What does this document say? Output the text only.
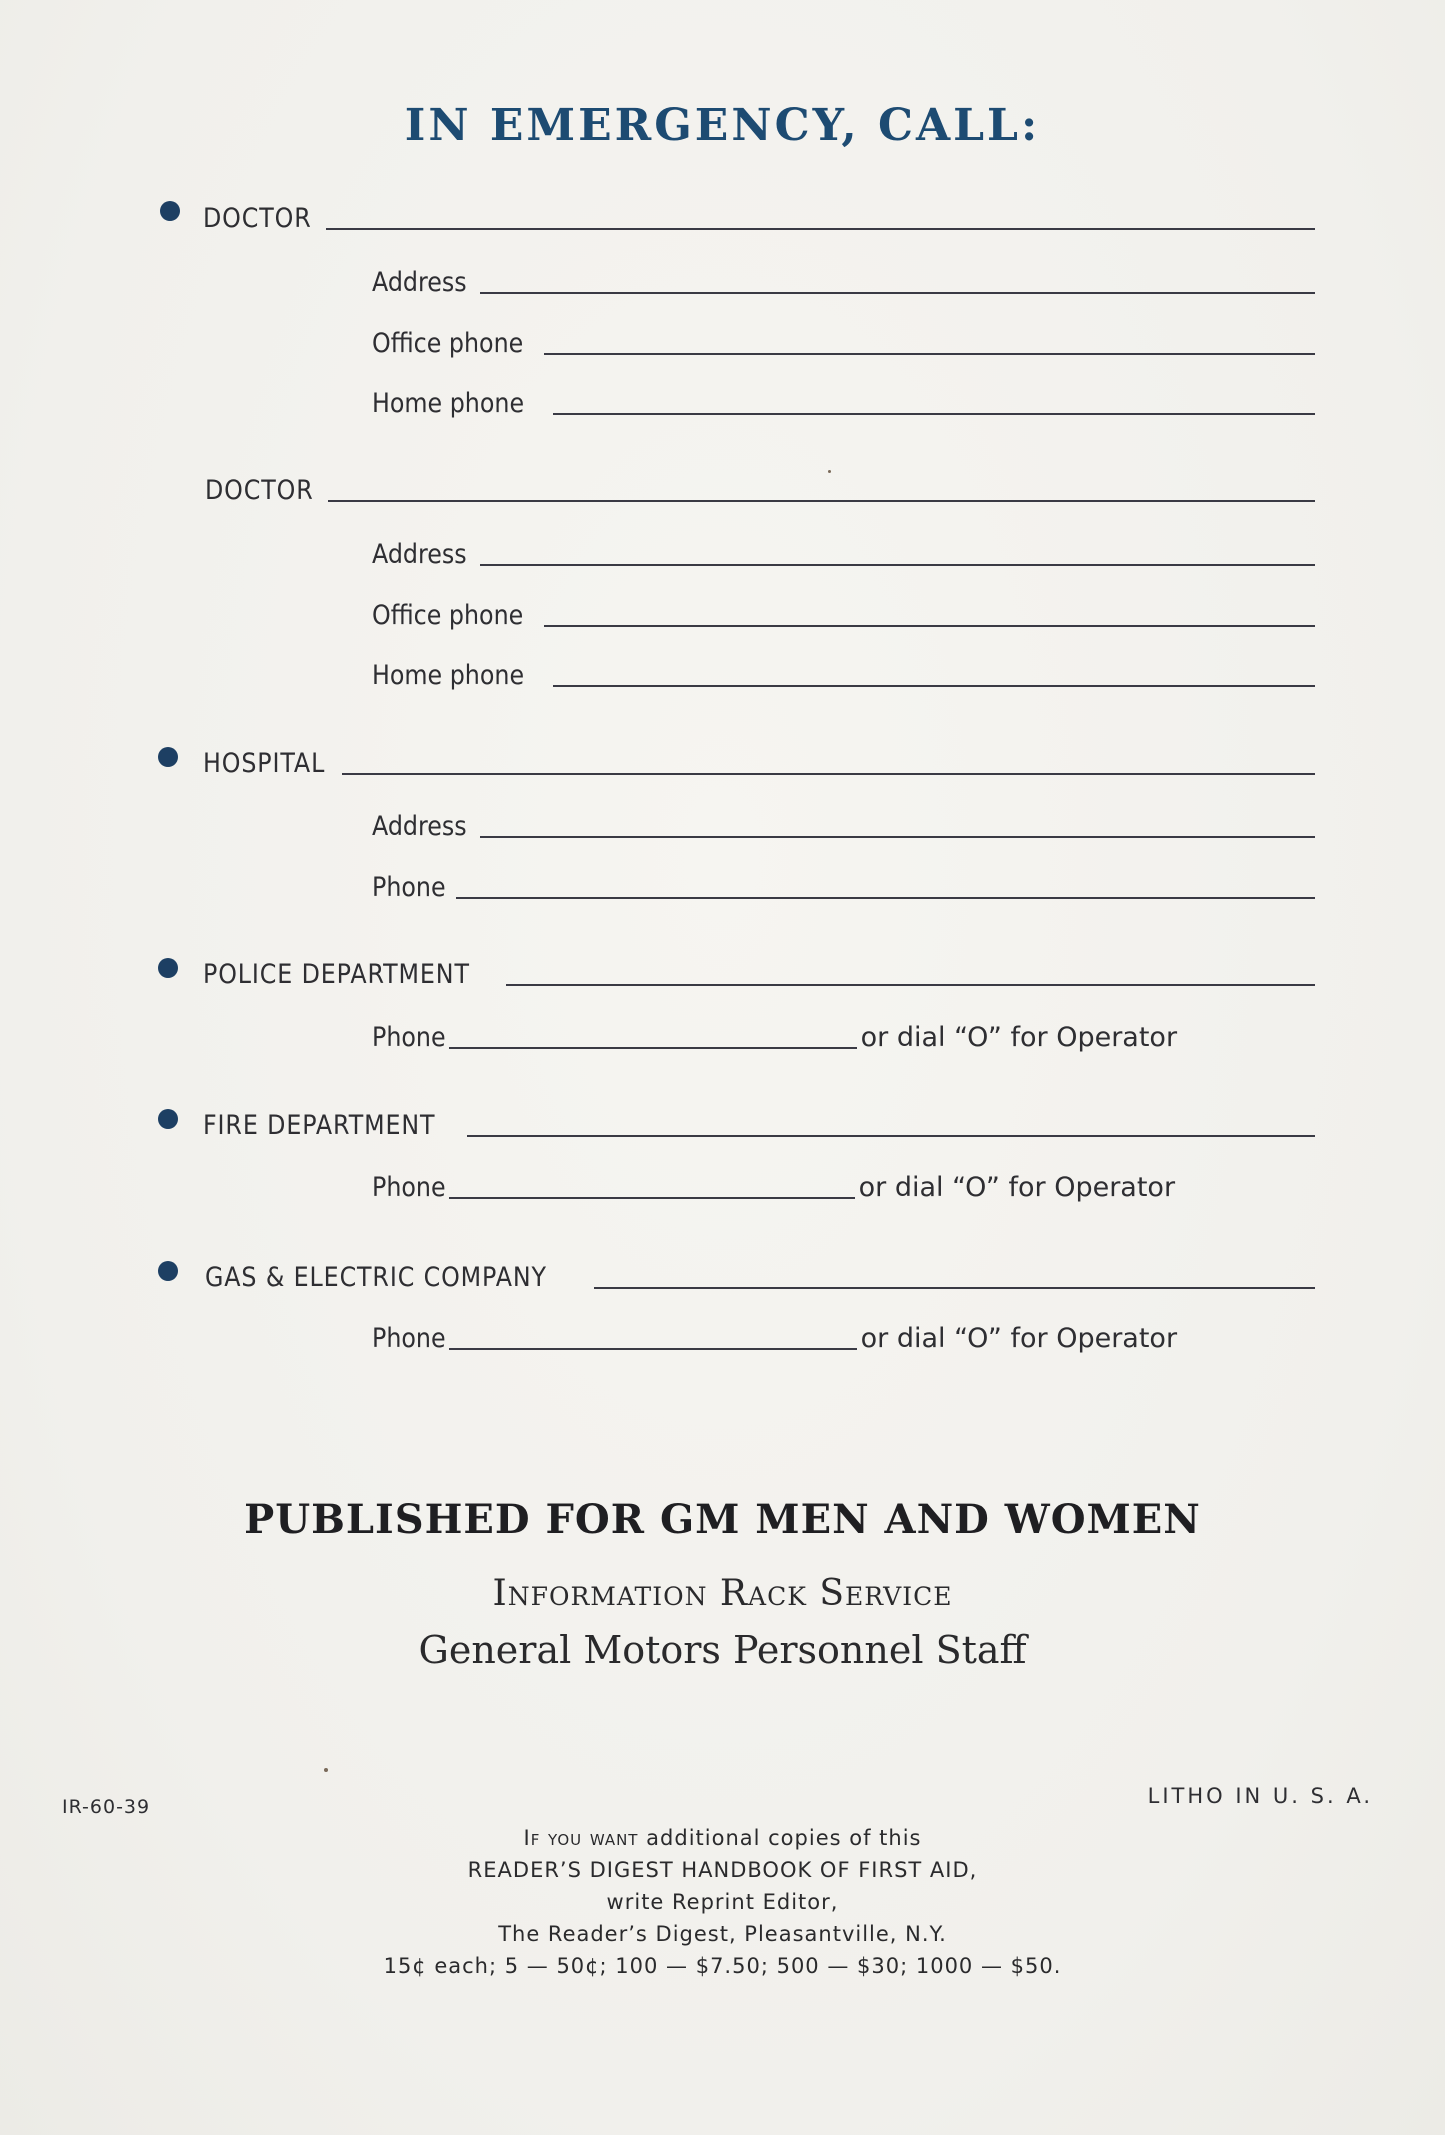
IN EMERGENCY, CALL:
DOCTOR
Address
Office phone
Home phone
DOCTOR
Address
Office phone
Home phone
HOSPITAL
Address
Phone
POLICE DEPARTMENT
Phone	or dial “O” for Operator
FIRE DEPARTMENT
Phone	or dial “O” for Operator
GAS & ELECTRIC COMPANY
Phone	or dial “O” for Operator
PUBLISHED FOR GM MEN AND WOMEN
Information Rack Service
General Motors Personnel Staff
IR-60-39	LITHO IN U. S. A.
If you want additional copies of this
READER’S DIGEST HANDBOOK OF FIRST AID,
write Reprint Editor,
The Reader’s Digest, Pleasantville, N.Y.
15¢ each; 5 — 50¢; 100 — $7.50; 500 — $30; 1000 — $50.
